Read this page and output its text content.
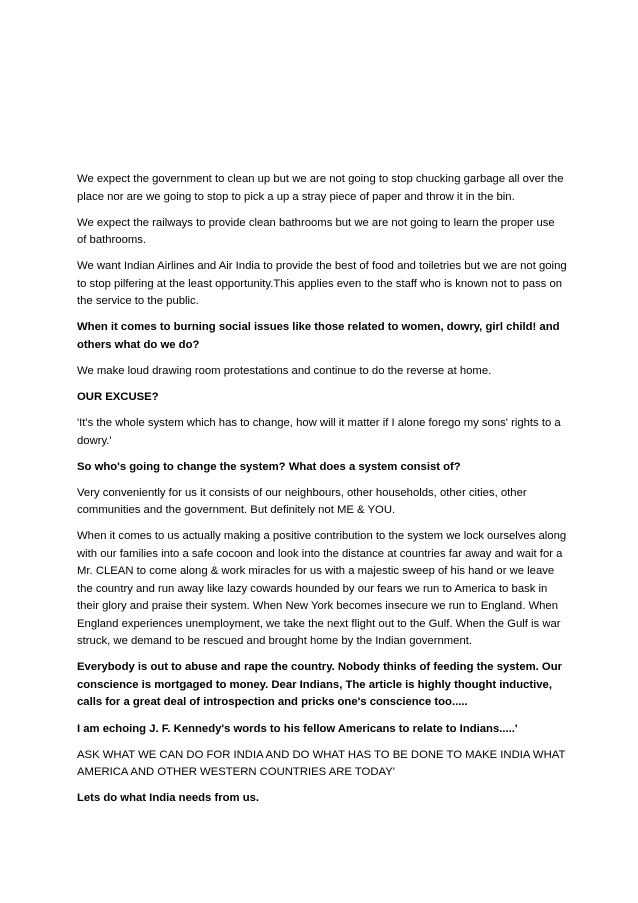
We expect the government to clean up but we are not going to stop chucking garbage all over the place nor are we going to stop to pick a up a stray piece of paper and throw it in the bin.

We expect the railways to provide clean bathrooms but we are not going to learn the proper use of bathrooms.

We want Indian Airlines and Air India to provide the best of food and toiletries but we are not going to stop pilfering at the least opportunity.This applies even to the staff who is known not to pass on the service to the public.

When it comes to burning social issues like those related to women, dowry, girl child! and others what do we do?

We make loud drawing room protestations and continue to do the reverse at home.

OUR EXCUSE?

'It's the whole system which has to change, how will it matter if I alone forego my sons' rights to a dowry.'

So who's going to change the system? What does a system consist of?

Very conveniently for us it consists of our neighbours, other households, other cities, other communities and the government. But definitely not ME & YOU.

When it comes to us actually making a positive contribution to the system we lock ourselves along with our families into a safe cocoon and look into the distance at countries far away and wait for a Mr. CLEAN to come along & work miracles for us with a majestic sweep of his hand or we leave the country and run away like lazy cowards hounded by our fears we run to America to bask in their glory and praise their system. When New York becomes insecure we run to England. When England experiences unemployment, we take the next flight out to the Gulf. When the Gulf is war struck, we demand to be rescued and brought home by the Indian government.

Everybody is out to abuse and rape the country. Nobody thinks of feeding the system. Our conscience is mortgaged to money. Dear Indians, The article is highly thought inductive, calls for a great deal of introspection and pricks one's conscience too.....

I am echoing J. F. Kennedy's words to his fellow Americans to relate to Indians.....'

ASK WHAT WE CAN DO FOR INDIA AND DO WHAT HAS TO BE DONE TO MAKE INDIA WHAT AMERICA AND OTHER WESTERN COUNTRIES ARE TODAY'

Lets do what India needs from us.
